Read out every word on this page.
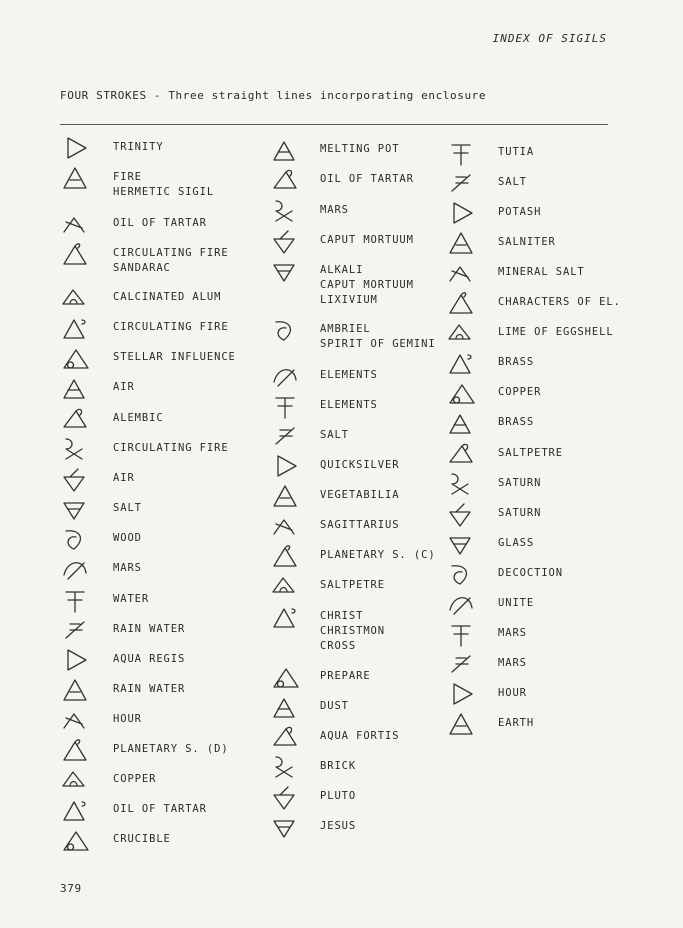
INDEX OF SIGILS
FOUR STROKES - Three straight lines incorporating enclosure
TRINITY
FIRE
HERMETIC SIGIL
OIL OF TARTAR
CIRCULATING FIRE
SANDARAC
CALCINATED ALUM
CIRCULATING FIRE
STELLAR INFLUENCE
AIR
ALEMBIC
CIRCULATING FIRE
AIR
SALT
WOOD
MARS
WATER
RAIN WATER
AQUA REGIS
RAIN WATER
HOUR
PLANETARY S. (D)
COPPER
OIL OF TARTAR
CRUCIBLE
MELTING POT
OIL OF TARTAR
MARS
CAPUT MORTUUM
ALKALI
CAPUT MORTUUM
LIXIVIUM
AMBRIEL
SPIRIT OF GEMINI
ELEMENTS
ELEMENTS
SALT
QUICKSILVER
VEGETABILIA
SAGITTARIUS
PLANETARY S. (C)
SALTPETRE
CHRIST
CHRISTMON
CROSS
PREPARE
DUST
AQUA FORTIS
BRICK
PLUTO
JESUS
TUTIA
SALT
POTASH
SALNITER
MINERAL SALT
CHARACTERS OF EL.
LIME OF EGGSHELL
BRASS
COPPER
BRASS
SALTPETRE
SATURN
SATURN
GLASS
DECOCTION
UNITE
MARS
MARS
HOUR
EARTH
379
